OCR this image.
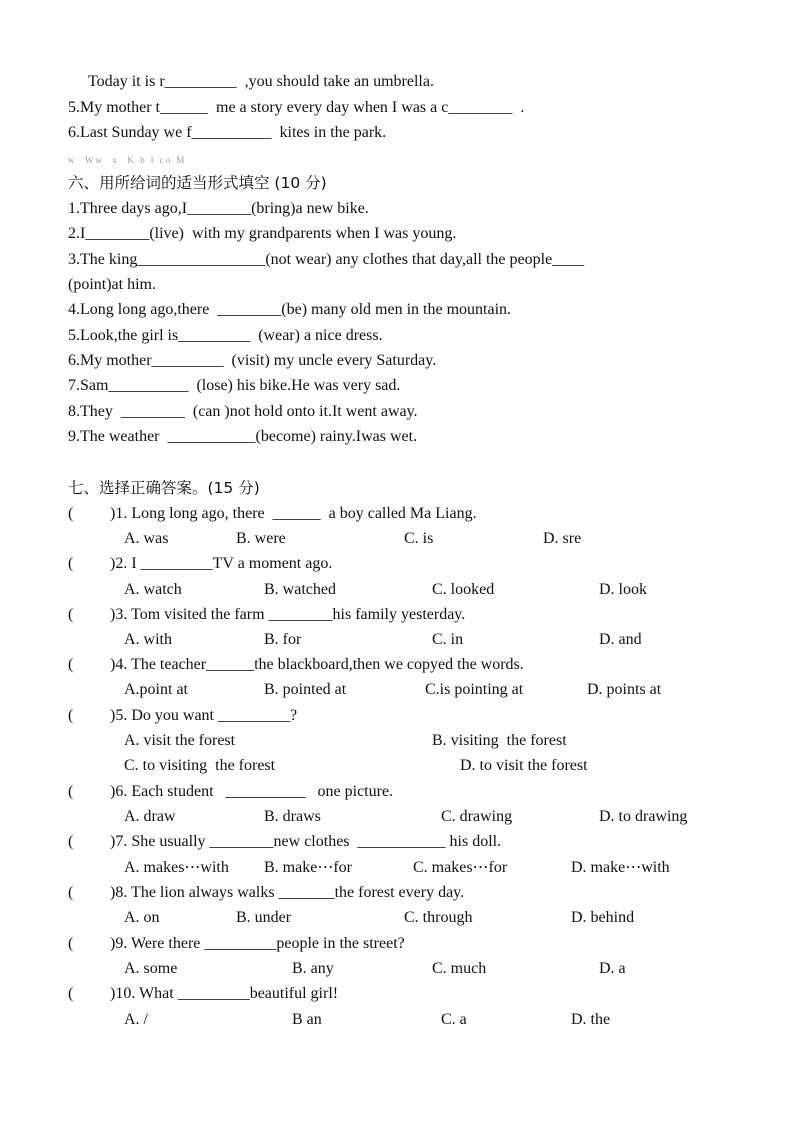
Today it is r_________  ,you should take an umbrella.
5.My mother t______  me a story every day when I was a c________  .
6.Last Sunday we f__________  kites in the park.
w  Ww  x  K b l co M
六、用所给词的适当形式填空 (10 分)
1.Three days ago,I________(bring)a new bike.
2.I________(live)  with my grandparents when I was young.
3.The king________________(not wear) any clothes that day,all the people____
(point)at him.
4.Long long ago,there  ________(be) many old men in the mountain.
5.Look,the girl is_________  (wear) a nice dress.
6.My mother_________  (visit) my uncle every Saturday.
7.Sam__________  (lose) his bike.He was very sad.
8.They  ________  (can )not hold onto it.It went away.
9.The weather  ___________(become) rainy.Iwas wet.
七、选择正确答案。(15 分)
( )1. Long long ago, there  ______  a boy called Ma Liang.
A. was	B. were	C. is	D. sre
( )2. I _________TV a moment ago.
A. watch	B. watched	C. looked	D. look
( )3. Tom visited the farm ________his family yesterday.
A. with	B. for	C. in	D. and
( )4. The teacher______the blackboard,then we copyed the words.
A.point at	B. pointed at	C.is pointing at	D. points at
( )5. Do you want _________?
A. visit the forest	B. visiting  the forest
C. to visiting  the forest	D. to visit the forest
( )6. Each student   __________   one picture.
A. draw	B. draws	C. drawing	D. to drawing
( )7. She usually ________new clothes  ___________ his doll.
A. makes⋯with B. make⋯for	C. makes⋯for	D. make⋯with
( )8. The lion always walks _______the forest every day.
A. on	B. under	C. through	D. behind
( )9. Were there _________people in the street?
A. some	B. any	C. much	D. a
( )10. What _________beautiful girl!
A. /	B an	C. a	D. the
